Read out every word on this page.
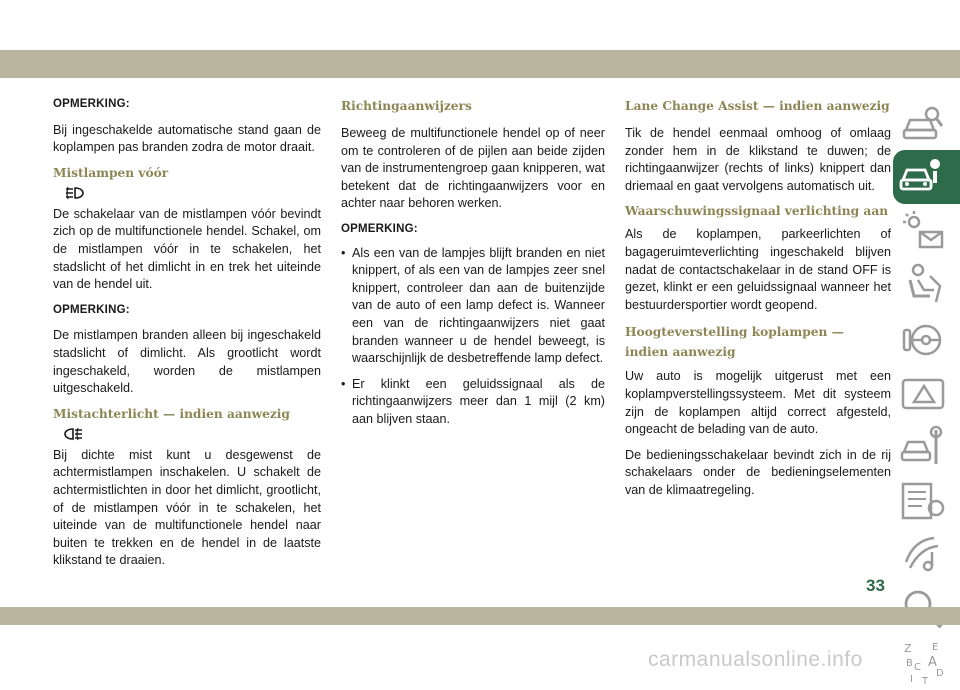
OPMERKING:

Bij ingeschakelde automatische stand gaan de koplampen pas branden zodra de motor draait.

Mistlampen vóór

De schakelaar van de mistlampen vóór bevindt zich op de multifunctionele hendel. Schakel, om de mistlampen vóór in te schakelen, het stadslicht of het dimlicht in en trek het uiteinde van de hendel uit.

OPMERKING:

De mistlampen branden alleen bij ingeschakeld stadslicht of dimlicht. Als grootlicht wordt ingeschakeld, worden de mistlampen uitgeschakeld.

Mistachterlicht — indien aanwezig

Bij dichte mist kunt u desgewenst de achtermistlampen inschakelen. U schakelt de achtermistlichten in door het dimlicht, grootlicht, of de mistlampen vóór in te schakelen, het uiteinde van de multifunctionele hendel naar buiten te trekken en de hendel in de laatste klikstand te draaien.

Richtingaanwijzers

Beweeg de multifunctionele hendel op of neer om te controleren of de pijlen aan beide zijden van de instrumentengroep gaan knipperen, wat betekent dat de richtingaanwijzers voor en achter naar behoren werken.

OPMERKING:

• Als een van de lampjes blijft branden en niet knippert, of als een van de lampjes zeer snel knippert, controleer dan aan de buitenzijde van de auto of een lamp defect is. Wanneer een van de richtingaanwijzers niet gaat branden wanneer u de hendel beweegt, is waarschijnlijk de desbetreffende lamp defect.
• Er klinkt een geluidssignaal als de richtingaanwijzers meer dan 1 mijl (2 km) aan blijven staan.
Lane Change Assist — indien aanwezig

Tik de hendel eenmaal omhoog of omlaag zonder hem in de klikstand te duwen; de richtingaanwijzer (rechts of links) knippert dan driemaal en gaat vervolgens automatisch uit.

Waarschuwingssignaal verlichting aan

Als de koplampen, parkeerlichten of bagageruimteverlichting ingeschakeld blijven nadat de contactschakelaar in de stand OFF is gezet, klinkt er een geluidssignaal wanneer het bestuurdersportier wordt geopend.

Hoogteverstelling koplampen — indien aanwezig

Uw auto is mogelijk uitgerust met een koplampverstellingssysteem. Met dit systeem zijn de koplampen altijd correct afgesteld, ongeacht de belading van de auto.

De bedieningsschakelaar bevindt zich in de rij schakelaars onder de bedieningselementen van de klimaatregeling.

Z E
B A
C
D
I T
33
carmanualsonline.info
